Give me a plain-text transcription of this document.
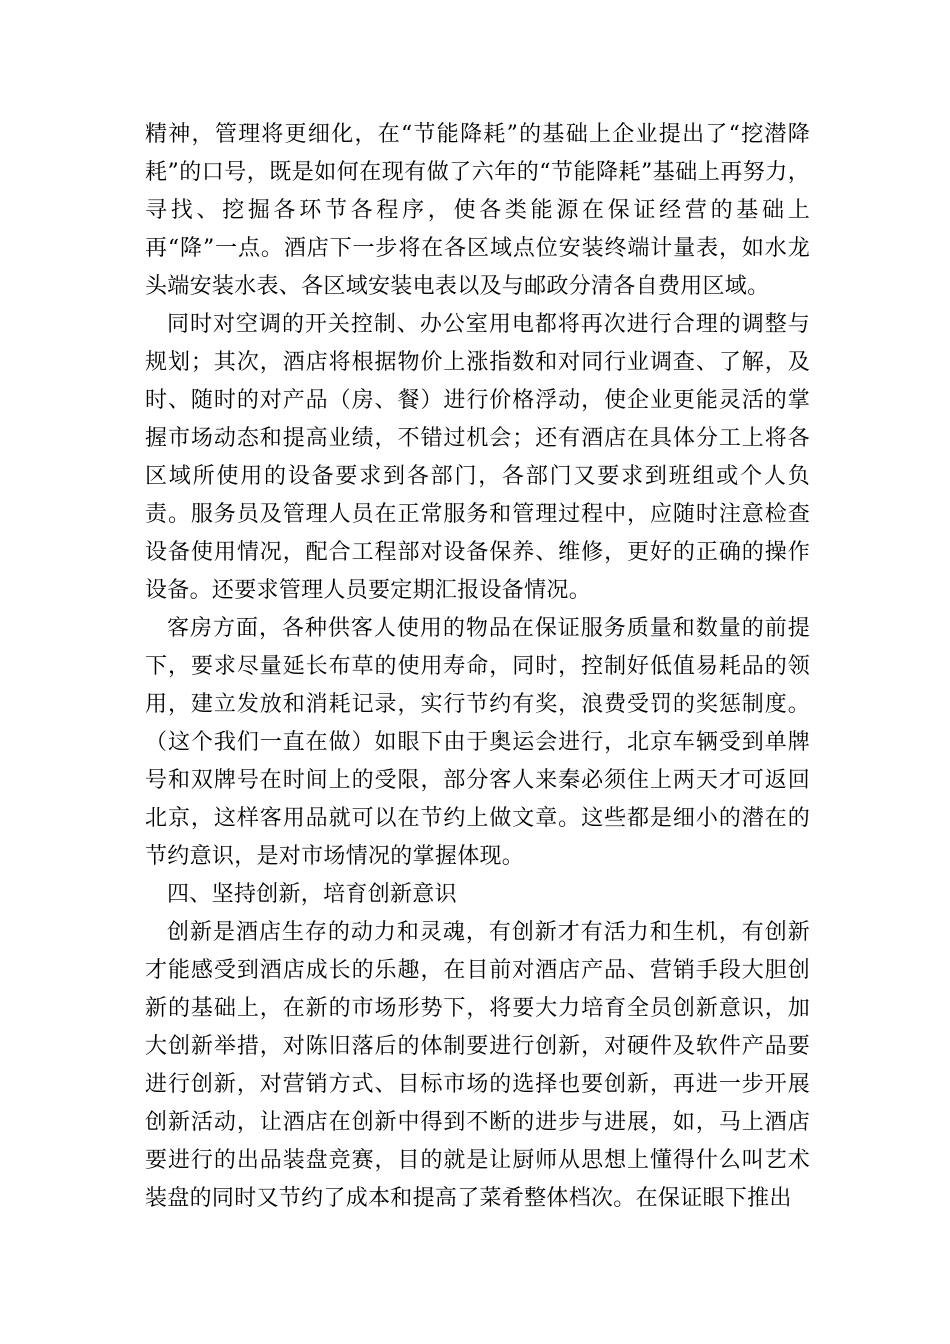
精神，管理将更细化，在“节能降耗”的基础上企业提出了“挖潜降耗”的口号，既是如何在现有做了六年的“节能降耗”基础上再努力，寻找、挖掘各环节各程序，使各类能源在保证经营的基础上再“降”一点。酒店下一步将在各区域点位安装终端计量表，如水龙头端安装水表、各区域安装电表以及与邮政分清各自费用区域。

同时对空调的开关控制、办公室用电都将再次进行合理的调整与规划；其次，酒店将根据物价上涨指数和对同行业调查、了解，及时、随时的对产品（房、餐）进行价格浮动，使企业更能灵活的掌握市场动态和提高业绩，不错过机会；还有酒店在具体分工上将各区域所使用的设备要求到各部门，各部门又要求到班组或个人负责。服务员及管理人员在正常服务和管理过程中，应随时注意检查设备使用情况，配合工程部对设备保养、维修，更好的正确的操作设备。还要求管理人员要定期汇报设备情况。

客房方面，各种供客人使用的物品在保证服务质量和数量的前提下，要求尽量延长布草的使用寿命，同时，控制好低值易耗品的领用，建立发放和消耗记录，实行节约有奖，浪费受罚的奖惩制度。（这个我们一直在做）如眼下由于奥运会进行，北京车辆受到单牌号和双牌号在时间上的受限，部分客人来秦必须住上两天才可返回北京，这样客用品就可以在节约上做文章。这些都是细小的潜在的节约意识，是对市场情况的掌握体现。

四、坚持创新，培育创新意识

创新是酒店生存的动力和灵魂，有创新才有活力和生机，有创新才能感受到酒店成长的乐趣，在目前对酒店产品、营销手段大胆创新的基础上，在新的市场形势下，将要大力培育全员创新意识，加大创新举措，对陈旧落后的体制要进行创新，对硬件及软件产品要进行创新，对营销方式、目标市场的选择也要创新，再进一步开展创新活动，让酒店在创新中得到不断的进步与进展，如，马上酒店要进行的出品装盘竞赛，目的就是让厨师从思想上懂得什么叫艺术装盘的同时又节约了成本和提高了菜肴整体档次。在保证眼下推出
